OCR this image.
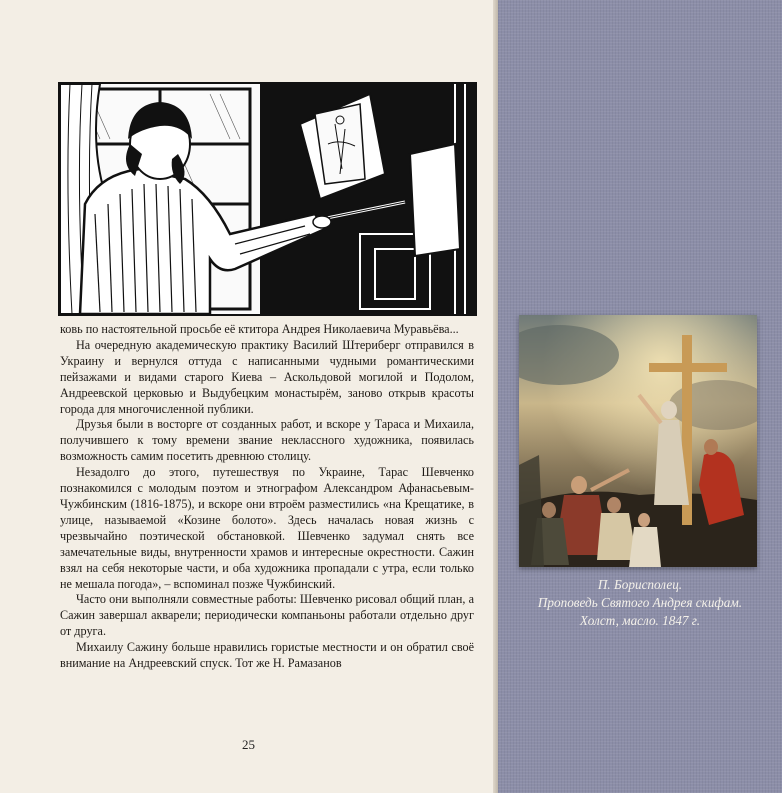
ковь по настоятельной просьбе её ктитора Андрея Николаевича Муравьёва...

На очередную академическую практику Василий Штериберг отправился в Украину и вернулся оттуда с написанными чудными романтическими пейзажами и видами старого Киева – Аскольдовой могилой и Подолом, Андреевской церковью и Выдубецким монастырём, заново открыв красоты города для многочисленной публики.

Друзья были в восторге от созданных работ, и вскоре у Тараса и Михаила, получившего к тому времени звание неклассного художника, появилась возможность самим посетить древнюю столицу.

Незадолго до этого, путешествуя по Украине, Тарас Шевченко познакомился с молодым поэтом и этнографом Александром Афанасьевым-Чужбинским (1816-1875), и вскоре они втроём разместились «на Крещатике, в улице, называемой «Козине болото». Здесь началась новая жизнь с чрезвычайно поэтической обстановкой. Шевченко задумал снять все замечательные виды, внутренности храмов и интересные окрестности. Сажин взял на себя некоторые части, и оба художника пропадали с утра, если только не мешала погода», – вспоминал позже Чужбинский.

Часто они выполняли совместные работы: Шевченко рисовал общий план, а Сажин завершал акварели; периодически компаньоны работали отдельно друг от друга.

Михаилу Сажину больше нравились гористые местности и он обратил своё внимание на Андреевский спуск. Тот же Н. Рамазанов

25
П. Борисполец.
Проповедь Святого Андрея скифам.
Холст, масло. 1847 г.
